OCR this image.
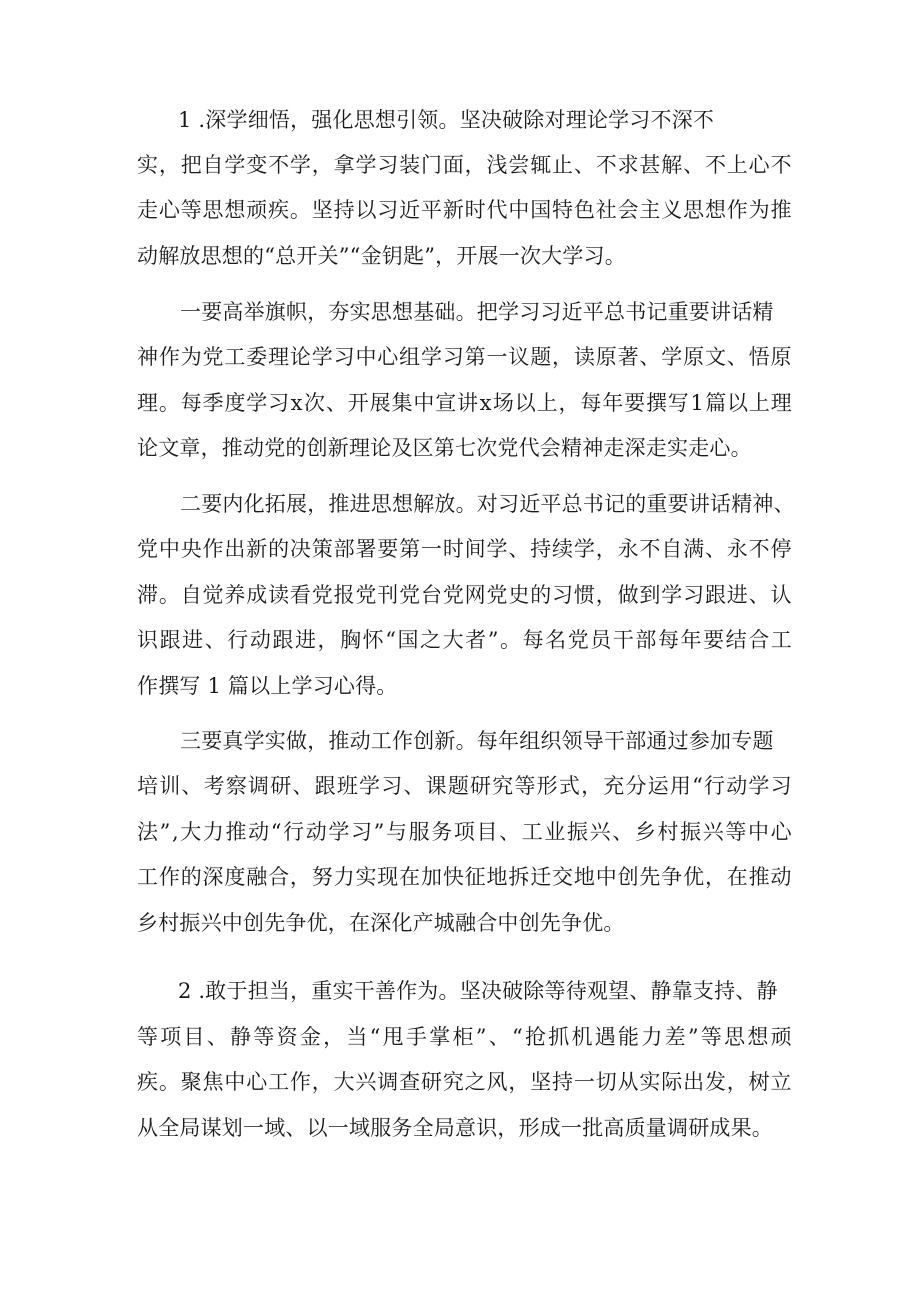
1 .深学细悟，强化思想引领。坚决破除对理论学习不深不
实 ， 把 自 学 变 不 学 ， 拿 学 习 装 门 面 ， 浅 尝 辄 止 、 不 求 甚 解 、 不 上 心 不
走 心 等 思 想 顽 疾 。 坚 持 以 习 近 平 新 时 代 中 国 特 色 社 会 主 义 思 想 作 为 推
动解放思想的“总开关”“金钥匙”，开展一次大学习。
一要高举旗帜，夯实思想基础。把学习习近平总书记重要讲话精
神 作 为 党 工 委 理 论 学 习 中 心 组 学 习 第 一 议 题 ， 读 原 著 、 学 原 文 、 悟 原
理 。 每 季 度 学 习 x 次 、 开 展 集 中 宣 讲 x 场 以 上 ， 每 年 要 撰 写 1 篇 以 上 理
论文章，推动党的创新理论及区第七次党代会精神走深走实走心。
二要内化拓展，推进思想解放。对习近平总书记的重要讲话精神、
党 中 央 作 出 新 的 决 策 部 署 要 第 一 时 间 学 、 持 续 学 ， 永 不 自 满 、 永 不 停
滞 。 自 觉 养 成 读 看 党 报 党 刊 党 台 党 网 党 史 的 习 惯 ， 做 到 学 习 跟 进 、 认
识 跟 进 、 行 动 跟 进 ， 胸 怀 “ 国 之 大 者 ” 。 每 名 党 员 干 部 每 年 要 结 合 工
作撰写 1 篇以上学习心得。
三要真学实做，推动工作创新。每年组织领导干部通过参加专题
培 训 、 考 察 调 研 、 跟 班 学 习 、 课 题 研 究 等 形 式 ， 充 分 运 用 “ 行 动 学 习
法 ” , 大 力 推 动 “ 行 动 学 习 ” 与 服 务 项 目 、 工 业 振 兴 、 乡 村 振 兴 等 中 心
工 作 的 深 度 融 合 ， 努 力 实 现 在 加 快 征 地 拆 迁 交 地 中 创 先 争 优 ， 在 推 动
乡村振兴中创先争优，在深化产城融合中创先争优。
2 .敢于担当，重实干善作为。坚决破除等待观望、静靠支持、静
等 项 目 、 静 等 资 金 ， 当 “ 甩 手 掌 柜 ” 、 “ 抢 抓 机 遇 能 力 差 ” 等 思 想 顽
疾 。 聚 焦 中 心 工 作 ， 大 兴 调 查 研 究 之 风 ， 坚 持 一 切 从 实 际 出 发 ， 树 立
从全局谋划一域、以一域服务全局意识，形成一批高质量调研成果。
